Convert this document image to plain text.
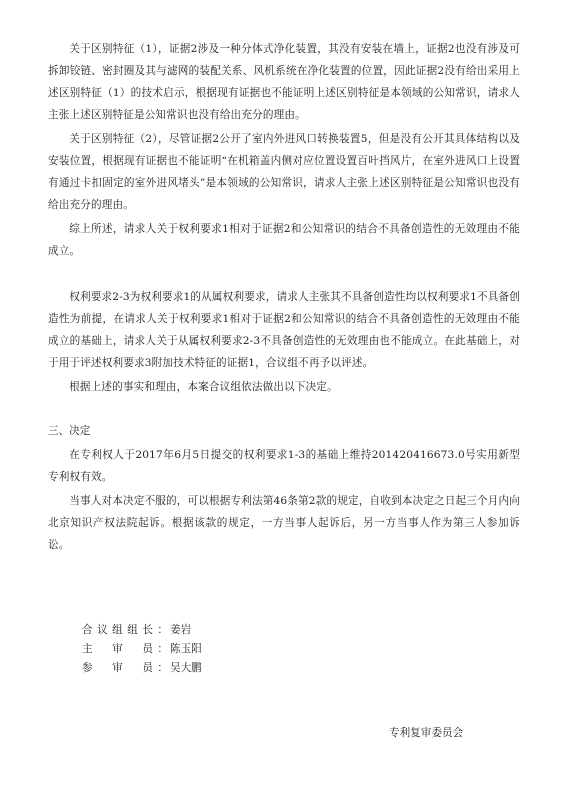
关于区别特征（1），证据2涉及一种分体式净化装置，其没有安装在墙上，证据2也没有涉及可拆卸铰链、密封圈及其与滤网的装配关系、风机系统在净化装置的位置，因此证据2没有给出采用上述区别特征（1）的技术启示，根据现有证据也不能证明上述区别特征是本领域的公知常识，请求人主张上述区别特征是公知常识也没有给出充分的理由。

关于区别特征（2），尽管证据2公开了室内外进风口转换装置5，但是没有公开其具体结构以及安装位置，根据现有证据也不能证明“在机箱盖内侧对应位置设置百叶挡风片，在室外进风口上设置有通过卡扣固定的室外进风堵头”是本领域的公知常识，请求人主张上述区别特征是公知常识也没有给出充分的理由。

综上所述，请求人关于权利要求1相对于证据2和公知常识的结合不具备创造性的无效理由不能成立。

权利要求2-3为权利要求1的从属权利要求，请求人主张其不具备创造性均以权利要求1不具备创造性为前提，在请求人关于权利要求1相对于证据2和公知常识的结合不具备创造性的无效理由不能成立的基础上，请求人关于从属权利要求2-3不具备创造性的无效理由也不能成立。在此基础上，对于用于评述权利要求3附加技术特征的证据1，合议组不再予以评述。

根据上述的事实和理由，本案合议组依法做出以下决定。

三、决定

在专利权人于2017年6月5日提交的权利要求1-3的基础上维持201420416673.0号实用新型专利权有效。

当事人对本决定不服的，可以根据专利法第46条第2款的规定，自收到本决定之日起三个月内向北京知识产权法院起诉。根据该款的规定，一方当事人起诉后，另一方当事人作为第三人参加诉讼。

合议组组长： 姜岩
主　审　员： 陈玉阳
参　审　员： 吴大鹏
专利复审委员会
